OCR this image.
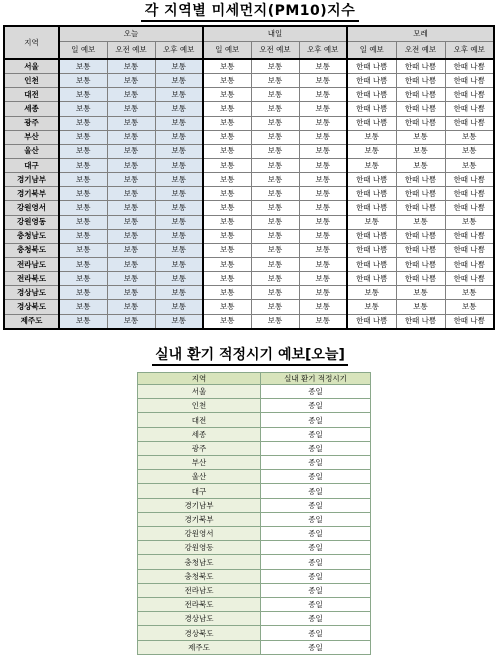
각 지역별 미세먼지(PM10)지수
지역	오늘			내일			모레		
	일 예보	오전 예보	오후 예보	일 예보	오전 예보	오후 예보	일 예보	오전 예보	오후 예보
서울	보통	보통	보통	보통	보통	보통	한때 나쁨	한때 나쁨	한때 나쁨
인천	보통	보통	보통	보통	보통	보통	한때 나쁨	한때 나쁨	한때 나쁨
대전	보통	보통	보통	보통	보통	보통	한때 나쁨	한때 나쁨	한때 나쁨
세종	보통	보통	보통	보통	보통	보통	한때 나쁨	한때 나쁨	한때 나쁨
광주	보통	보통	보통	보통	보통	보통	한때 나쁨	한때 나쁨	한때 나쁨
부산	보통	보통	보통	보통	보통	보통	보통	보통	보통
울산	보통	보통	보통	보통	보통	보통	보통	보통	보통
대구	보통	보통	보통	보통	보통	보통	보통	보통	보통
경기남부	보통	보통	보통	보통	보통	보통	한때 나쁨	한때 나쁨	한때 나쁨
경기북부	보통	보통	보통	보통	보통	보통	한때 나쁨	한때 나쁨	한때 나쁨
강원영서	보통	보통	보통	보통	보통	보통	한때 나쁨	한때 나쁨	한때 나쁨
강원영동	보통	보통	보통	보통	보통	보통	보통	보통	보통
충청남도	보통	보통	보통	보통	보통	보통	한때 나쁨	한때 나쁨	한때 나쁨
충청북도	보통	보통	보통	보통	보통	보통	한때 나쁨	한때 나쁨	한때 나쁨
전라남도	보통	보통	보통	보통	보통	보통	한때 나쁨	한때 나쁨	한때 나쁨
전라북도	보통	보통	보통	보통	보통	보통	한때 나쁨	한때 나쁨	한때 나쁨
경상남도	보통	보통	보통	보통	보통	보통	보통	보통	보통
경상북도	보통	보통	보통	보통	보통	보통	보통	보통	보통
제주도	보통	보통	보통	보통	보통	보통	한때 나쁨	한때 나쁨	한때 나쁨
실내 환기 적정시기 예보[오늘]
지역	실내 환기 적정시기
서울	종일
인천	종일
대전	종일
세종	종일
광주	종일
부산	종일
울산	종일
대구	종일
경기남부	종일
경기북부	종일
강원영서	종일
강원영동	종일
충청남도	종일
충청북도	종일
전라남도	종일
전라북도	종일
경상남도	종일
경상북도	종일
제주도	종일
